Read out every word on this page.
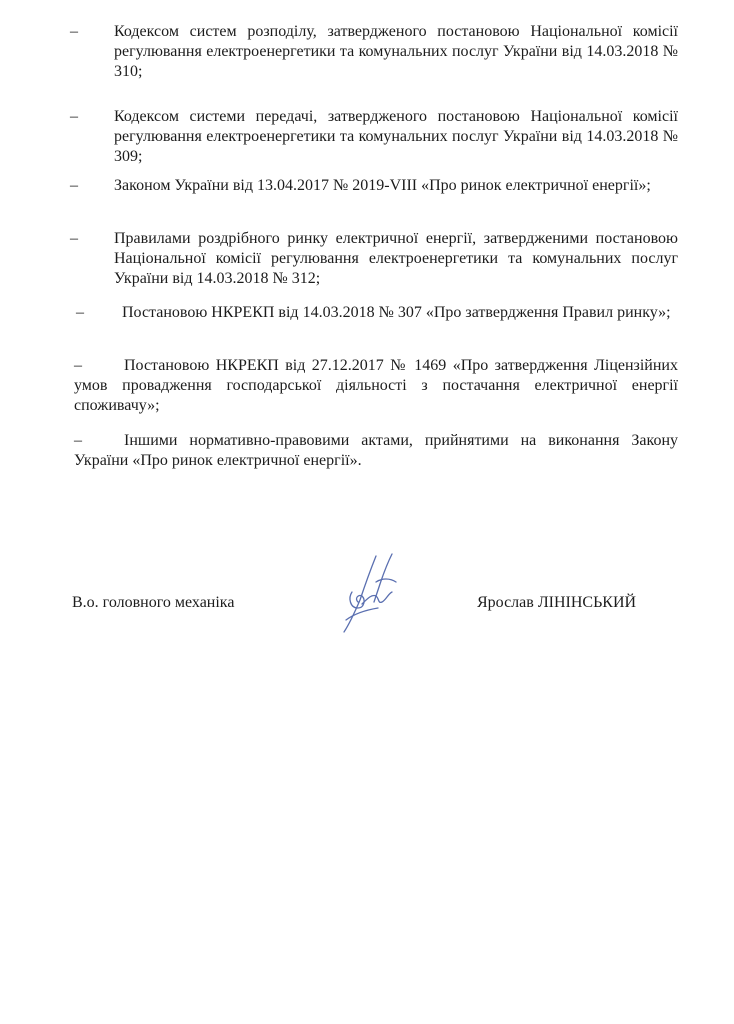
– Кодексом систем розподілу, затвердженого постановою Національної комісії регулювання електроенергетики та комунальних послуг України від 14.03.2018 № 310;

– Кодексом системи передачі, затвердженого постановою Національної комісії регулювання електроенергетики та комунальних послуг України від 14.03.2018 № 309;

– Законом України від 13.04.2017 № 2019-VIII «Про ринок електричної енергії»;

– Правилами роздрібного ринку електричної енергії, затвердженими постановою Національної комісії регулювання електроенергетики та комунальних послуг України від 14.03.2018 № 312;

– Постановою НКРЕКП від 14.03.2018 № 307 «Про затвердження Правил ринку»;

–	Постановою НКРЕКП від 27.12.2017 № 1469 «Про затвердження Ліцензійних умов провадження господарської діяльності з постачання електричної енергії споживачу»;

–	Іншими нормативно-правовими актами, прийнятими на виконання Закону України «Про ринок електричної енергії».

В.о. головного механіка	Ярослав ЛІНІНСЬКИЙ
